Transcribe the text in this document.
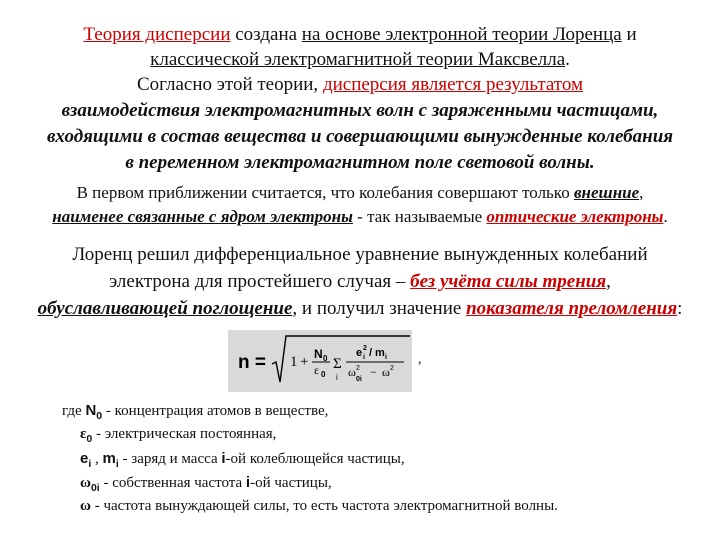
Теория дисперсии создана на основе электронной теории Лоренца и
классической электромагнитной теории Максвелла.
Согласно этой теории, дисперсия является результатом
взаимодействия электромагнитных волн с заряженными частицами,
входящими в состав вещества и совершающими вынужденные колебания
в переменном электромагнитном поле световой волны.
В первом приближении считается, что колебания совершают только внешние,
наименее связанные с ядром электроны - так называемые оптические электроны.
Лоренц решил дифференциальное уравнение вынужденных колебаний
электрона для простейшего случая – без учёта силы трения,
обуславливающей поглощение, и получил значение показателя преломления:
n = 1 + N 0
ε 0
Σ
i
e 2
i / m i
ω 2
0i
− ω 2
,
где $N_0$ - концентрация атомов в веществе,
$\varepsilon_0$ - электрическая постоянная,
$e_i$ , $m_i$ - заряд и масса i-ой колеблющейся частицы,
$\omega_{0i}$ - собственная частота i-ой частицы,
ω - частота вынуждающей силы, то есть частота электромагнитной волны.
